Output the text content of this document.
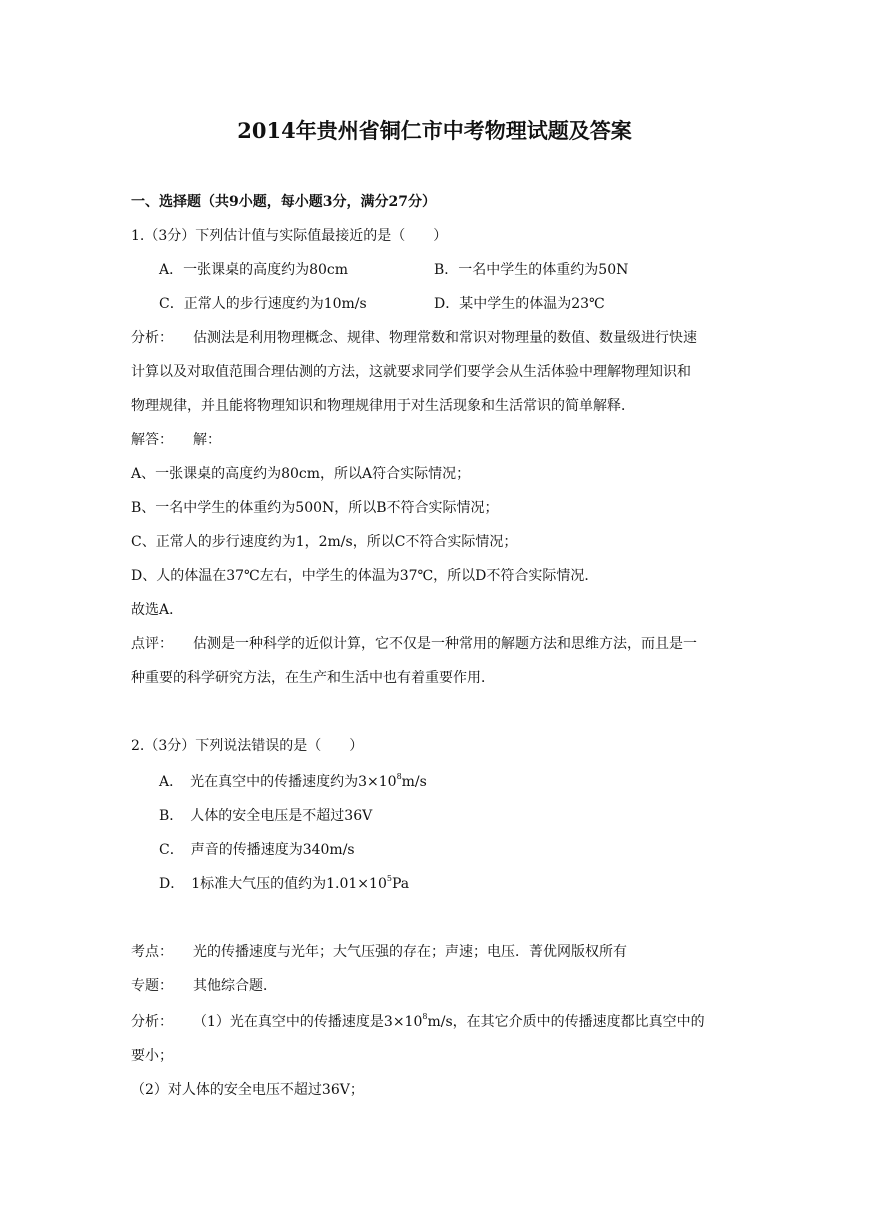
2014年贵州省铜仁市中考物理试题及答案
一、选择题（共9小题，每小题3分，满分27分）
1.（3分）下列估计值与实际值最接近的是（　　）
A．一张课桌的高度约为80cm	B．一名中学生的体重约为50N
C．正常人的步行速度约为10m/s	D．某中学生的体温为23℃
分析： 估测法是利用物理概念、规律、物理常数和常识对物理量的数值、数量级进行快速
计算以及对取值范围合理估测的方法，这就要求同学们要学会从生活体验中理解物理知识和
物理规律，并且能将物理知识和物理规律用于对生活现象和生活常识的简单解释．
解答： 解：
A、一张课桌的高度约为80cm，所以A符合实际情况；
B、一名中学生的体重约为500N，所以B不符合实际情况；
C、正常人的步行速度约为1，2m/s，所以C不符合实际情况；
D、人的体温在37℃左右，中学生的体温为37℃，所以D不符合实际情况．
故选A．
点评： 估测是一种科学的近似计算，它不仅是一种常用的解题方法和思维方法，而且是一
种重要的科学研究方法，在生产和生活中也有着重要作用．
2.（3分）下列说法错误的是（　　）
A．　光在真空中的传播速度约为$3\times 10^8m/s$
B．　人体的安全电压是不超过36V
C．　声音的传播速度为340m/s
D．　1标准大气压的值约为$1.01\times 10^5Pa$
考点： 光的传播速度与光年；大气压强的存在；声速；电压．菁优网版权所有
专题： 其他综合题．
分析： （1）光在真空中的传播速度是$3\times 10^8m/s$，在其它介质中的传播速度都比真空中的
要小；
（2）对人体的安全电压不超过36V；
